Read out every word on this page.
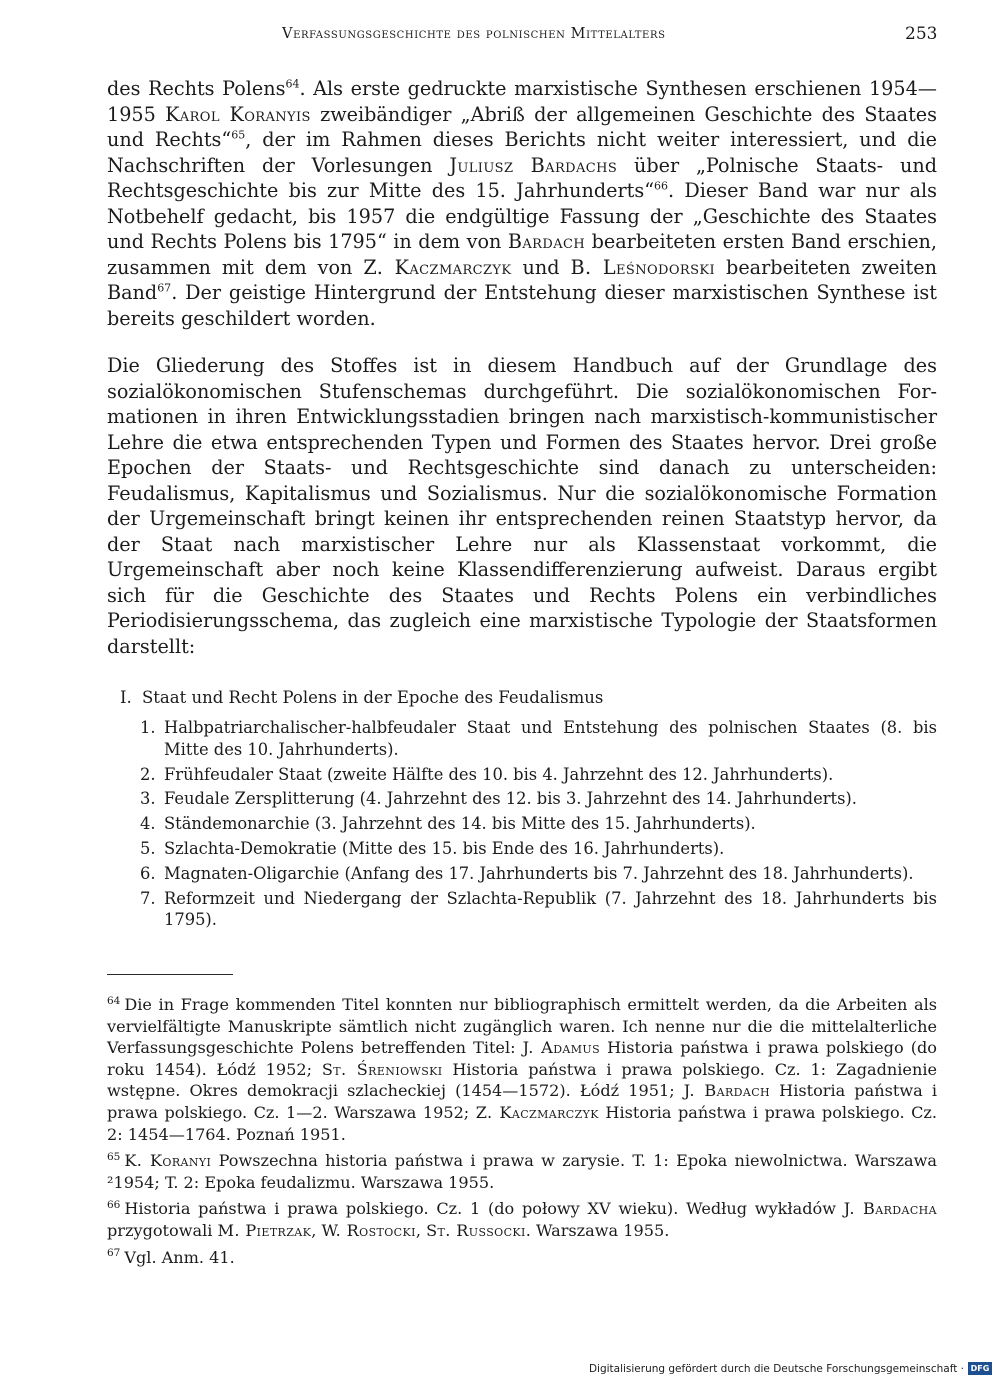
Verfassungsgeschichte des polnischen Mittelalters	253

des Rechts Polens$^{64}$. Als erste gedruckte marxistische Synthesen erschienen 1954—1955 Karol Koranyis zweibändiger „Abriß der allgemeinen Geschichte des Staates und Rechts“$^{65}$, der im Rahmen dieses Berichts nicht weiter interessiert, und die Nachschriften der Vorlesungen Juliusz Bardachs über „Polnische Staats- und Rechtsgeschichte bis zur Mitte des 15. Jahrhunderts“$^{66}$. Dieser Band war nur als Notbehelf gedacht, bis 1957 die endgültige Fassung der „Geschichte des Staates und Rechts Polens bis 1795“ in dem von Bardach bearbeiteten ersten Band erschien, zusammen mit dem von Z. Kaczmarczyk und B. Leśnodorski bearbeiteten zweiten Band$^{67}$. Der geistige Hintergrund der Entstehung dieser marxistischen Synthese ist bereits geschildert worden.

Die Gliederung des Stoffes ist in diesem Handbuch auf der Grundlage des sozialökonomischen Stufenschemas durchgeführt. Die sozialökonomischen Formationen in ihren Entwicklungsstadien bringen nach marxistisch-kommunistischer Lehre die etwa entsprechenden Typen und Formen des Staates hervor. Drei große Epochen der Staats- und Rechtsgeschichte sind danach zu unterscheiden: Feudalismus, Kapitalismus und Sozialismus. Nur die sozialökonomische Formation der Urgemeinschaft bringt keinen ihr entsprechenden reinen Staatstyp hervor, da der Staat nach marxistischer Lehre nur als Klassenstaat vorkommt, die Urgemeinschaft aber noch keine Klassendifferenzierung aufweist. Daraus ergibt sich für die Geschichte des Staates und Rechts Polens ein verbindliches Periodisierungsschema, das zugleich eine marxistische Typologie der Staatsformen darstellt:

I. Staat und Recht Polens in der Epoche des Feudalismus
1. Halbpatriarchalischer-halbfeudaler Staat und Entstehung des polnischen Staates (8. bis Mitte des 10. Jahrhunderts).
2. Frühfeudaler Staat (zweite Hälfte des 10. bis 4. Jahrzehnt des 12. Jahrhunderts).
3. Feudale Zersplitterung (4. Jahrzehnt des 12. bis 3. Jahrzehnt des 14. Jahrhunderts).
4. Ständemonarchie (3. Jahrzehnt des 14. bis Mitte des 15. Jahrhunderts).
5. Szlachta-Demokratie (Mitte des 15. bis Ende des 16. Jahrhunderts).
6. Magnaten-Oligarchie (Anfang des 17. Jahrhunderts bis 7. Jahrzehnt des 18. Jahrhunderts).
7. Reformzeit und Niedergang der Szlachta-Republik (7. Jahrzehnt des 18. Jahrhunderts bis 1795).

$^{64}$ Die in Frage kommenden Titel konnten nur bibliographisch ermittelt werden, da die Arbeiten als vervielfältigte Manuskripte sämtlich nicht zugänglich waren. Ich nenne nur die die mittelalterliche Verfassungsgeschichte Polens betreffenden Titel: J. Adamus Historia państwa i prawa polskiego (do roku 1454). Łódź 1952; St. Śreniowski Historia państwa i prawa polskiego. Cz. 1: Zagadnienie wstępne. Okres demokracji szlacheckiej (1454—1572). Łódź 1951; J. Bardach Historia państwa i prawa polskiego. Cz. 1—2. Warszawa 1952; Z. Kaczmarczyk Historia państwa i prawa polskiego. Cz. 2: 1454—1764. Poznań 1951.

$^{65}$ K. Koranyi Powszechna historia państwa i prawa w zarysie. T. 1: Epoka niewolnictwa. Warszawa ²1954; T. 2: Epoka feudalizmu. Warszawa 1955.

$^{66}$ Historia państwa i prawa polskiego. Cz. 1 (do połowy XV wieku). Według wykładów J. Bardacha przygotowali M. Pietrzak, W. Rostocki, St. Russocki. Warszawa 1955.

$^{67}$ Vgl. Anm. 41.

Digitalisierung gefördert durch die Deutsche Forschungsgemeinschaft · DFG
